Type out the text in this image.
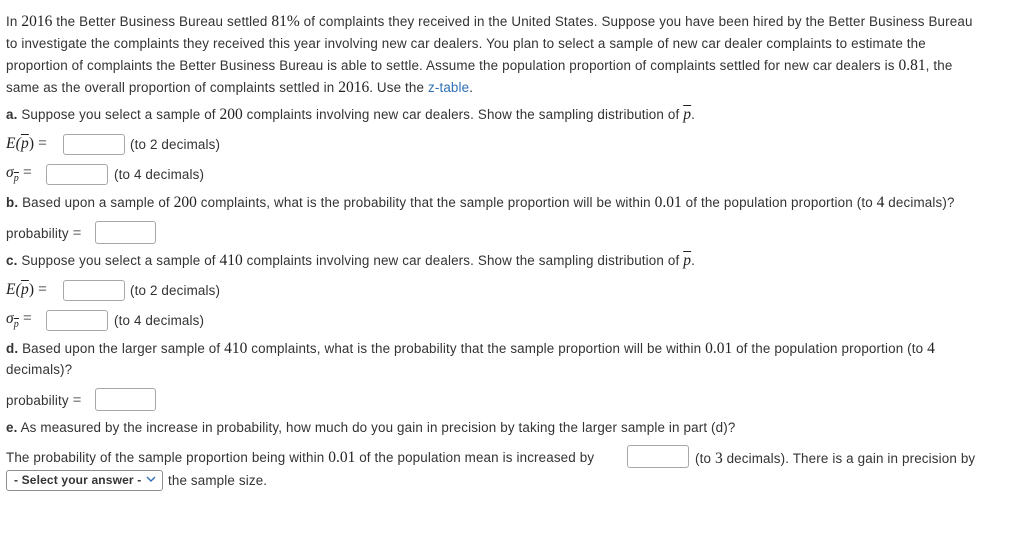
In 2016 the Better Business Bureau settled 81% of complaints they received in the United States. Suppose you have been hired by the Better Business Bureau
to investigate the complaints they received this year involving new car dealers. You plan to select a sample of new car dealer complaints to estimate the
proportion of complaints the Better Business Bureau is able to settle. Assume the population proportion of complaints settled for new car dealers is 0.81, the
same as the overall proportion of complaints settled in 2016. Use the z-table.
a. Suppose you select a sample of 200 complaints involving new car dealers. Show the sampling distribution of $\overline{p}$.
$E(\overline{p})$ =	(to 2 decimals)
$\sigma_{\overline{p}}$ =	(to 4 decimals)
b. Based upon a sample of 200 complaints, what is the probability that the sample proportion will be within 0.01 of the population proportion (to 4 decimals)?
probability =
c. Suppose you select a sample of 410 complaints involving new car dealers. Show the sampling distribution of $\overline{p}$.
$E(\overline{p})$ =	(to 2 decimals)
$\sigma_{\overline{p}}$ =	(to 4 decimals)
d. Based upon the larger sample of 410 complaints, what is the probability that the sample proportion will be within 0.01 of the population proportion (to 4
decimals)?
probability =
e. As measured by the increase in probability, how much do you gain in precision by taking the larger sample in part (d)?
The probability of the sample proportion being within 0.01 of the population mean is increased by	(to 3 decimals). There is a gain in precision by
- Select your answer -	the sample size.
